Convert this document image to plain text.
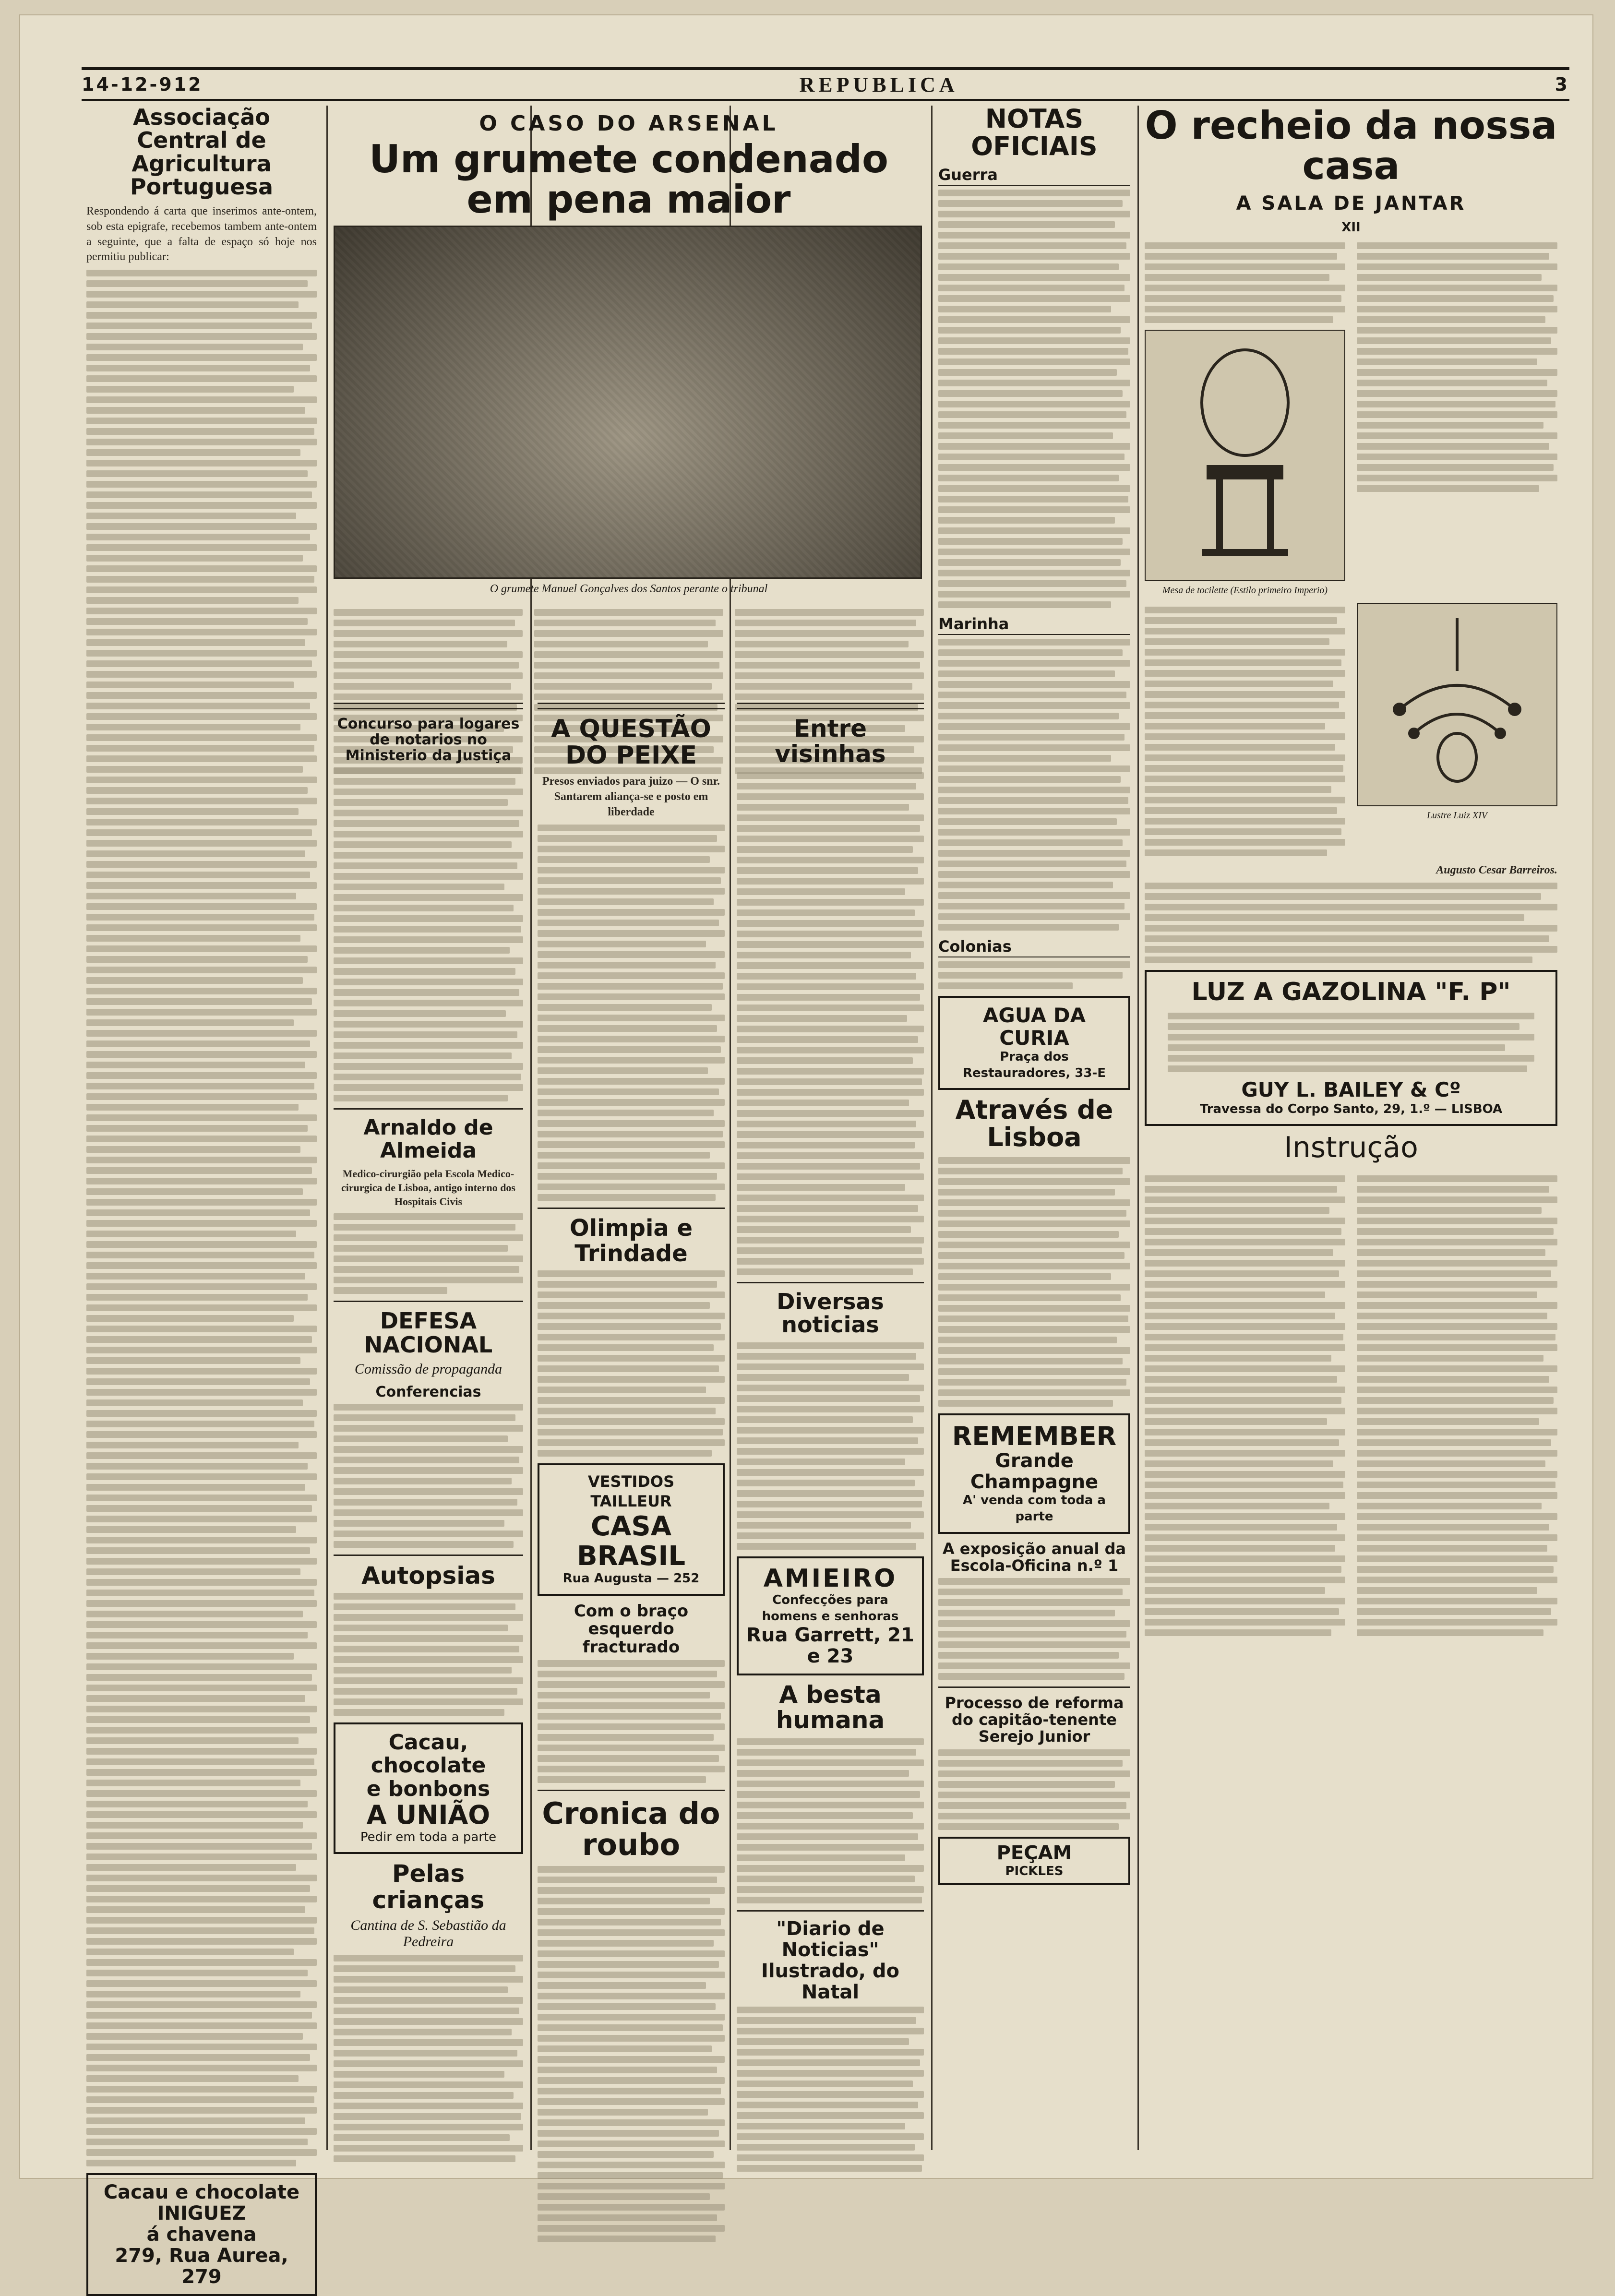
14-12-912	REPUBLICA	3
Associação Central de Agricultura Portuguesa
Respondendo á carta que inserimos ante-ontem, sob esta epigrafe, recebemos tambem ante-ontem a seguinte, que a falta de espaço só hoje nos permitiu publicar:
Cacau e chocolate INIGUEZ
á chavena
279, Rua Aurea, 279
O CASO DO ARSENAL
Um grumete condenado em pena maior
O grumete Manuel Gonçalves dos Santos perante o tribunal
Concurso para logares de notarios no Ministerio da Justiça
Arnaldo de Almeida
Medico-cirurgião pela Escola Medico-cirurgica de Lisboa, antigo interno dos Hospitais Civis
DEFESA NACIONAL
Comissão de propaganda
Conferencias
Autopsias
Cacau, chocolate
e bonbons
A UNIÃO
Pedir em toda a parte
Pelas crianças
Cantina de S. Sebastião da Pedreira
A QUESTÃO DO PEIXE
Presos enviados para juizo — O snr. Santarem aliança-se e posto em liberdade
Olimpia e Trindade
VESTIDOS TAILLEUR
CASA BRASIL
Rua Augusta — 252
Com o braço esquerdo fracturado
Cronica do roubo
Entre visinhas
Diversas noticias
AMIEIRO
Confecções para homens e senhoras
Rua Garrett, 21 e 23
A besta humana
"Diario de Noticias" Ilustrado, do Natal
NOTAS OFICIAIS
Guerra
Marinha
Colonias
AGUA DA CURIA
Praça dos Restauradores, 33-E
Através de Lisboa
REMEMBER
Grande Champagne
A' venda com toda a parte
A exposição anual da Escola-Oficina n.º 1
Processo de reforma do capitão-tenente Serejo Junior
PEÇAM
PICKLES
O recheio da nossa casa
A SALA DE JANTAR
XII
Mesa de tocilette (Estilo primeiro Imperio)
Lustre Luiz XIV
Augusto Cesar Barreiros.
LUZ A GAZOLINA "F. P"
GUY L. BAILEY & Cº
Travessa do Corpo Santo, 29, 1.º — LISBOA
Instrução
